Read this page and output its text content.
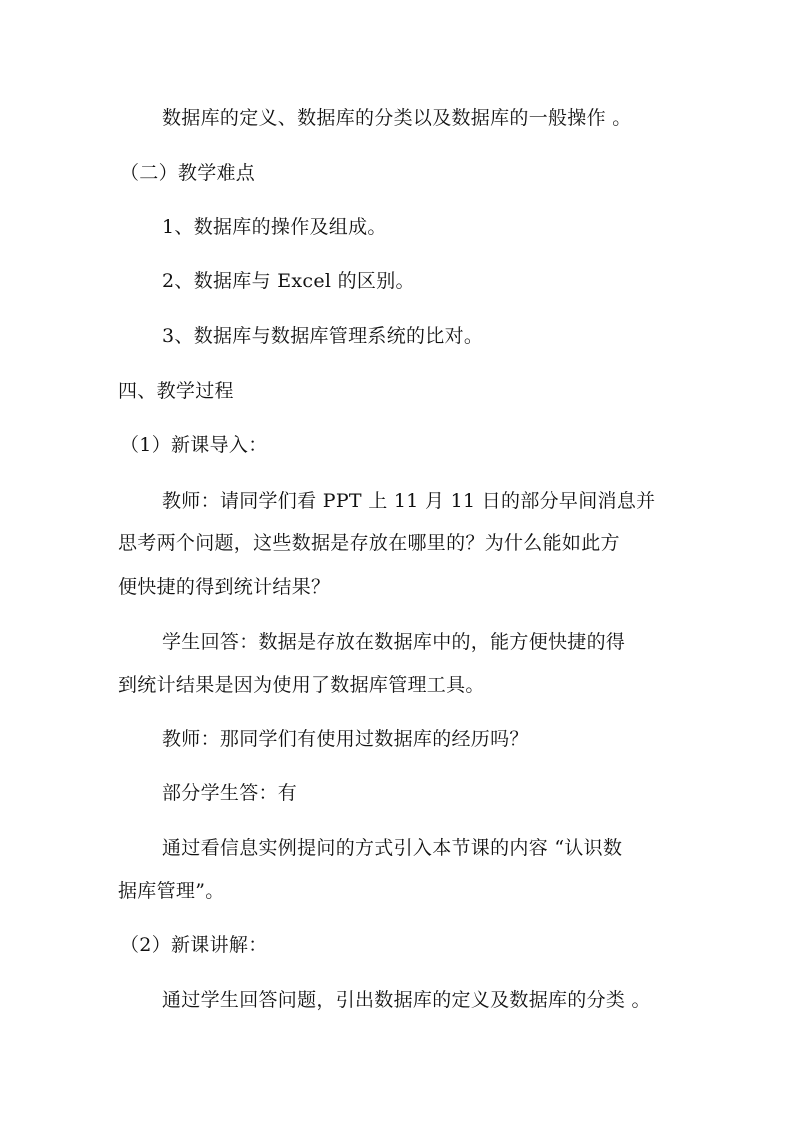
数据库的定义、数据库的分类以及数据库的一般操作 。
（二）教学难点
1、数据库的操作及组成。
2、数据库与 Excel 的区别。
3、数据库与数据库管理系统的比对。
四、教学过程
（1）新课导入：
教师：请同学们看 PPT 上 11 月 11 日的部分早间消息并
思考两个问题，这些数据是存放在哪里的？为什么能如此方
便快捷的得到统计结果？
学生回答：数据是存放在数据库中的，能方便快捷的得
到统计结果是因为使用了数据库管理工具。
教师：那同学们有使用过数据库的经历吗？
部分学生答：有
通过看信息实例提问的方式引入本节课的内容 “认识数
据库管理”。
（2）新课讲解：
通过学生回答问题，引出数据库的定义及数据库的分类 。
